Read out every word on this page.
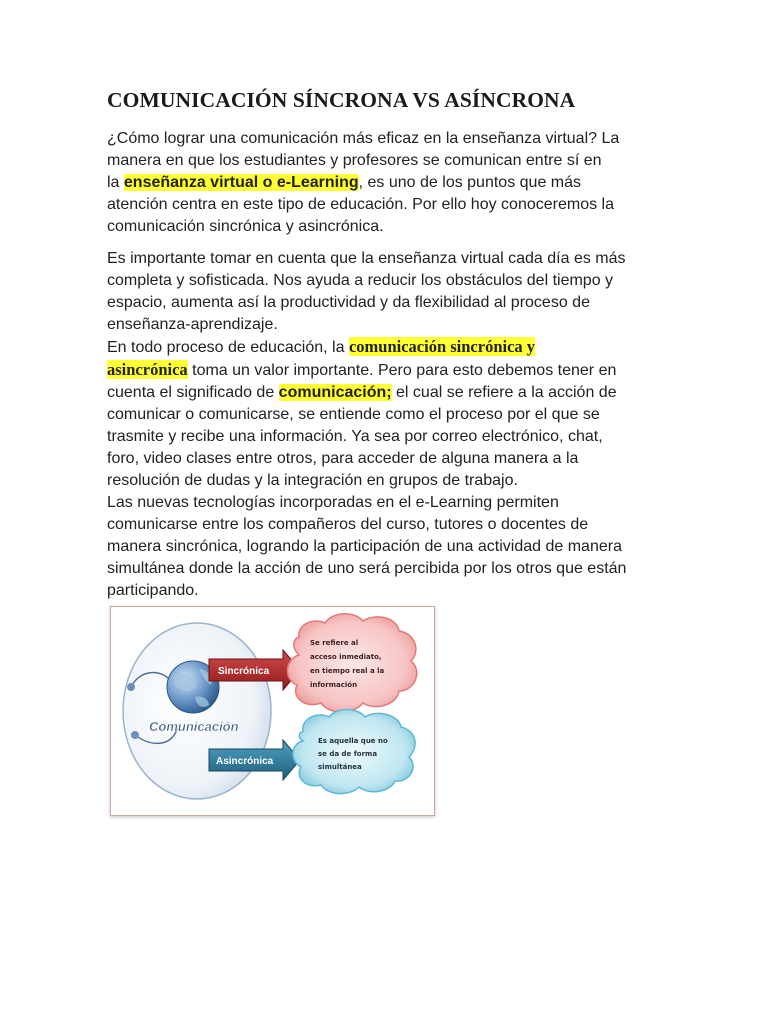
COMUNICACIÓN SÍNCRONA VS ASÍNCRONA

¿Cómo lograr una comunicación más eficaz en la enseñanza virtual? La

manera en que los estudiantes y profesores se comunican entre sí en

la enseñanza virtual o e-Learning, es uno de los puntos que más

atención centra en este tipo de educación. Por ello hoy conoceremos la

comunicación sincrónica y asincrónica.

Es importante tomar en cuenta que la enseñanza virtual cada día es más

completa y sofisticada. Nos ayuda a reducir los obstáculos del tiempo y

espacio, aumenta así la productividad y da flexibilidad al proceso de

enseñanza-aprendizaje.

En todo proceso de educación, la comunicación sincrónica y

asincrónica toma un valor importante. Pero para esto debemos tener en

cuenta el significado de comunicación; el cual se refiere a la acción de

comunicar o comunicarse, se entiende como el proceso por el que se

trasmite y recibe una información. Ya sea por correo electrónico, chat,

foro, video clases entre otros, para acceder de alguna manera a la

resolución de dudas y la integración en grupos de trabajo.

Las nuevas tecnologías incorporadas en el e-Learning permiten

comunicarse entre los compañeros del curso, tutores o docentes de

manera sincrónica, logrando la participación de una actividad de manera

simultánea donde la acción de uno será percibida por los otros que están

participando.

Comunicación
Sincrónica
Asincrónica
Se refiere al acceso inmediato, en tiempo real a la información
Es aquella que no se da de forma simultánea
